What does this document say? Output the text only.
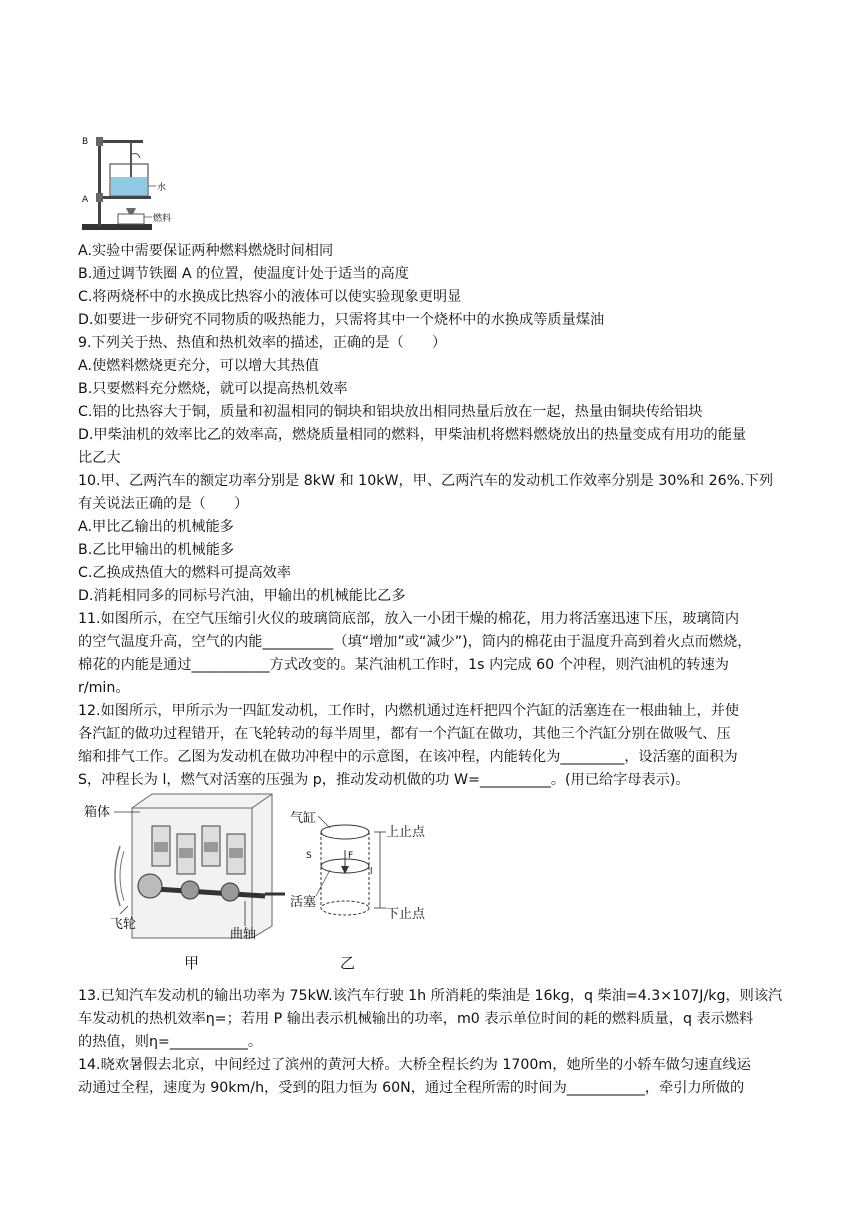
B
A
水
燃料
A.实验中需要保证两种燃料燃烧时间相同
B.通过调节铁圈 A 的位置，使温度计处于适当的高度
C.将两烧杯中的水换成比热容小的液体可以使实验现象更明显
D.如要进一步研究不同物质的吸热能力，只需将其中一个烧杯中的水换成等质量煤油
9.下列关于热、热值和热机效率的描述，正确的是（　　）
A.使燃料燃烧更充分，可以增大其热值
B.只要燃料充分燃烧，就可以提高热机效率
C.铝的比热容大于铜，质量和初温相同的铜块和铝块放出相同热量后放在一起，热量由铜块传给铝块
D.甲柴油机的效率比乙的效率高，燃烧质量相同的燃料，甲柴油机将燃料燃烧放出的热量变成有用功的能量
比乙大
10.甲、乙两汽车的额定功率分别是 8kW 和 10kW，甲、乙两汽车的发动机工作效率分别是 30%和 26%.下列
有关说法正确的是（　　）
A.甲比乙输出的机械能多
B.乙比甲输出的机械能多
C.乙换成热值大的燃料可提高效率
D.消耗相同多的同标号汽油，甲输出的机械能比乙多
11.如图所示，在空气压缩引火仪的玻璃筒底部，放入一小团干燥的棉花，用力将活塞迅速下压，玻璃筒内
的空气温度升高，空气的内能__________（填“增加”或“减少”)，筒内的棉花由于温度升高到着火点而燃烧，
棉花的内能是通过___________方式改变的。某汽油机工作时，1s 内完成 60 个冲程，则汽油机的转速为
r/min。
12.如图所示，甲所示为一四缸发动机，工作时，内燃机通过连杆把四个汽缸的活塞连在一根曲轴上，并使
各汽缸的做功过程错开，在飞轮转动的每半周里，都有一个汽缸在做功，其他三个汽缸分别在做吸气、压
缩和排气工作。乙图为发动机在做功冲程中的示意图，在该冲程，内能转化为_________，设活塞的面积为
S，冲程长为 l，燃气对活塞的压强为 p，推动发动机做的功 W=__________。(用已给字母表示)。
箱体
飞轮
曲轴
甲
气缸
S	F
l
活塞
上止点
下止点
乙
13.已知汽车发动机的输出功率为 75kW.该汽车行驶 1h 所消耗的柴油是 16kg，q 柴油=4.3×107J/kg，则该汽
车发动机的热机效率η=；若用 P 输出表示机械输出的功率，m0 表示单位时间的耗的燃料质量，q 表示燃料
的热值，则η=___________。
14.晓欢暑假去北京，中间经过了滨州的黄河大桥。大桥全程长约为 1700m，她所坐的小轿车做匀速直线运
动通过全程，速度为 90km/h，受到的阻力恒为 60N，通过全程所需的时间为___________，牵引力所做的
